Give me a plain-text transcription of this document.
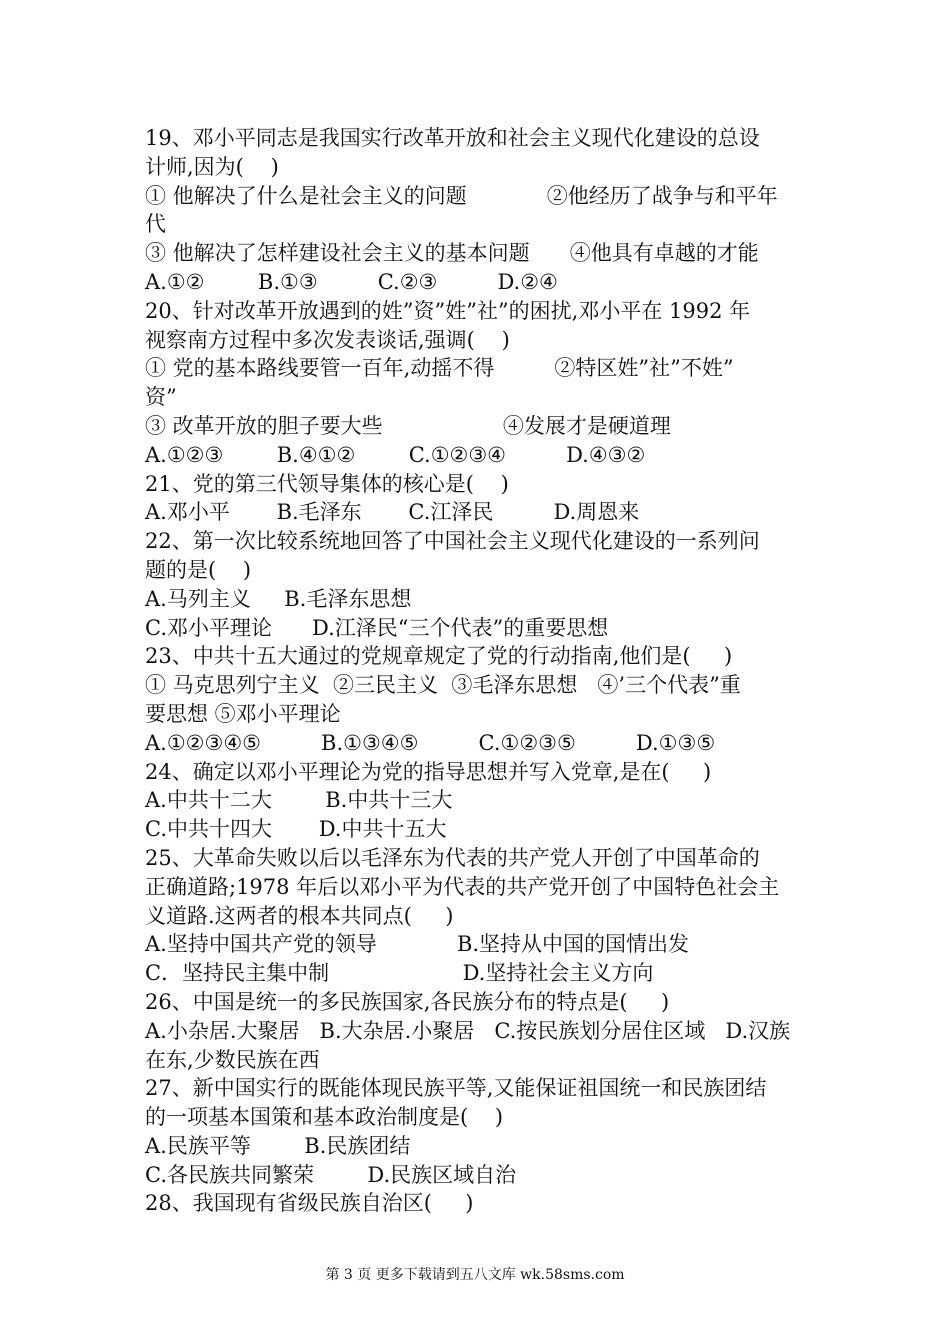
19、邓小平同志是我国实行改革开放和社会主义现代化建设的总设
计师,因为(    )
① 他解决了什么是社会主义的问题            ②他经历了战争与和平年
代
③ 他解决了怎样建设社会主义的基本问题      ④他具有卓越的才能
A.①②        B.①③         C.②③         D.②④
20、针对改革开放遇到的姓”资”姓”社”的困扰,邓小平在 1992 年
视察南方过程中多次发表谈话,强调(    )
① 党的基本路线要管一百年,动摇不得         ②特区姓”社”不姓”
资”
③ 改革开放的胆子要大些                  ④发展才是硬道理
A.①②③        B.④①②        C.①②③④         D.④③②
21、党的第三代领导集体的核心是(    )
A.邓小平       B.毛泽东       C.江泽民         D.周恩来
22、第一次比较系统地回答了中国社会主义现代化建设的一系列问
题的是(    )
A.马列主义     B.毛泽东思想
C.邓小平理论      D.江泽民“三个代表”的重要思想
23、中共十五大通过的党规章规定了党的行动指南,他们是(     )
① 马克思列宁主义  ②三民主义  ③毛泽东思想   ④’三个代表”重
要思想 ⑤邓小平理论
A.①②③④⑤         B.①③④⑤         C.①②③⑤         D.①③⑤
24、确定以邓小平理论为党的指导思想并写入党章,是在(     )
A.中共十二大        B.中共十三大
C.中共十四大       D.中共十五大
25、大革命失败以后以毛泽东为代表的共产党人开创了中国革命的
正确道路;1978 年后以邓小平为代表的共产党开创了中国特色社会主
义道路.这两者的根本共同点(     )
A.坚持中国共产党的领导            B.坚持从中国的国情出发
C．坚持民主集中制                    D.坚持社会主义方向
26、中国是统一的多民族国家,各民族分布的特点是(     )
A.小杂居.大聚居   B.大杂居.小聚居   C.按民族划分居住区域   D.汉族
在东,少数民族在西
27、新中国实行的既能体现民族平等,又能保证祖国统一和民族团结
的一项基本国策和基本政治制度是(    )
A.民族平等        B.民族团结
C.各民族共同繁荣        D.民族区域自治
28、我国现有省级民族自治区(     )
第 3 页 更多下载请到五八文库 wk.58sms.com
